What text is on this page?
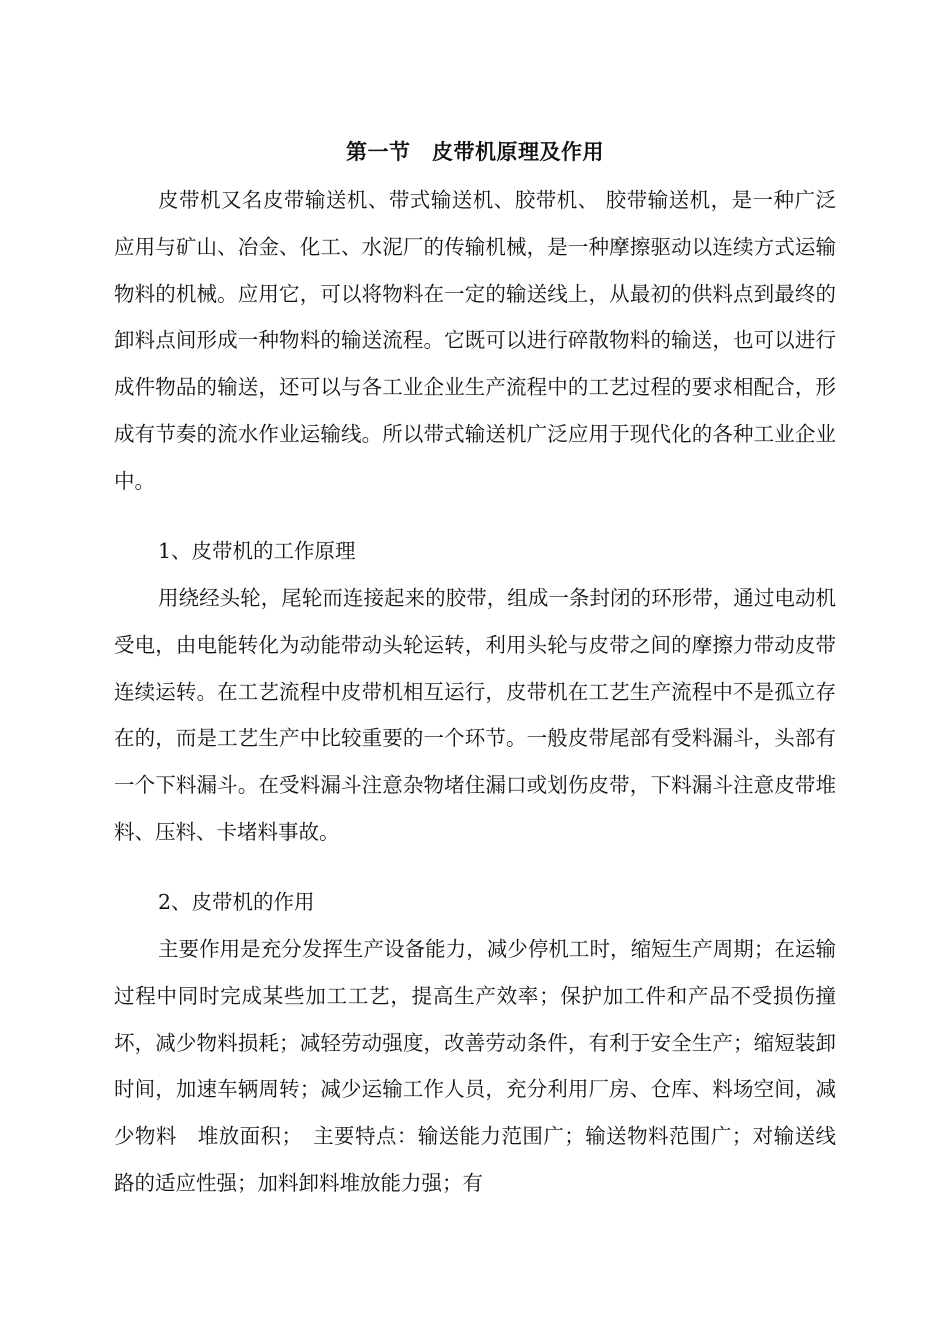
第一节　皮带机原理及作用

皮带机又名皮带输送机、带式输送机、胶带机、 胶带输送机，是一种广泛应用与矿山、冶金、化工、水泥厂的传输机械，是一种摩擦驱动以连续方式运输物料的机械。应用它，可以将物料在一定的输送线上，从最初的供料点到最终的卸料点间形成一种物料的输送流程。它既可以进行碎散物料的输送，也可以进行成件物品的输送，还可以与各工业企业生产流程中的工艺过程的要求相配合，形成有节奏的流水作业运输线。所以带式输送机广泛应用于现代化的各种工业企业中。

1、皮带机的工作原理

用绕经头轮，尾轮而连接起来的胶带，组成一条封闭的环形带，通过电动机受电，由电能转化为动能带动头轮运转，利用头轮与皮带之间的摩擦力带动皮带连续运转。在工艺流程中皮带机相互运行，皮带机在工艺生产流程中不是孤立存在的，而是工艺生产中比较重要的一个环节。一般皮带尾部有受料漏斗，头部有一个下料漏斗。在受料漏斗注意杂物堵住漏口或划伤皮带，下料漏斗注意皮带堆料、压料、卡堵料事故。

2、皮带机的作用

主要作用是充分发挥生产设备能力，减少停机工时，缩短生产周期；在运输过程中同时完成某些加工工艺，提高生产效率；保护加工件和产品不受损伤撞坏，减少物料损耗；减轻劳动强度，改善劳动条件，有利于安全生产；缩短装卸时间，加速车辆周转；减少运输工作人员，充分利用厂房、仓库、料场空间，减少物料　堆放面积；　主要特点：输送能力范围广；输送物料范围广；对输送线路的适应性强；加料卸料堆放能力强；有
